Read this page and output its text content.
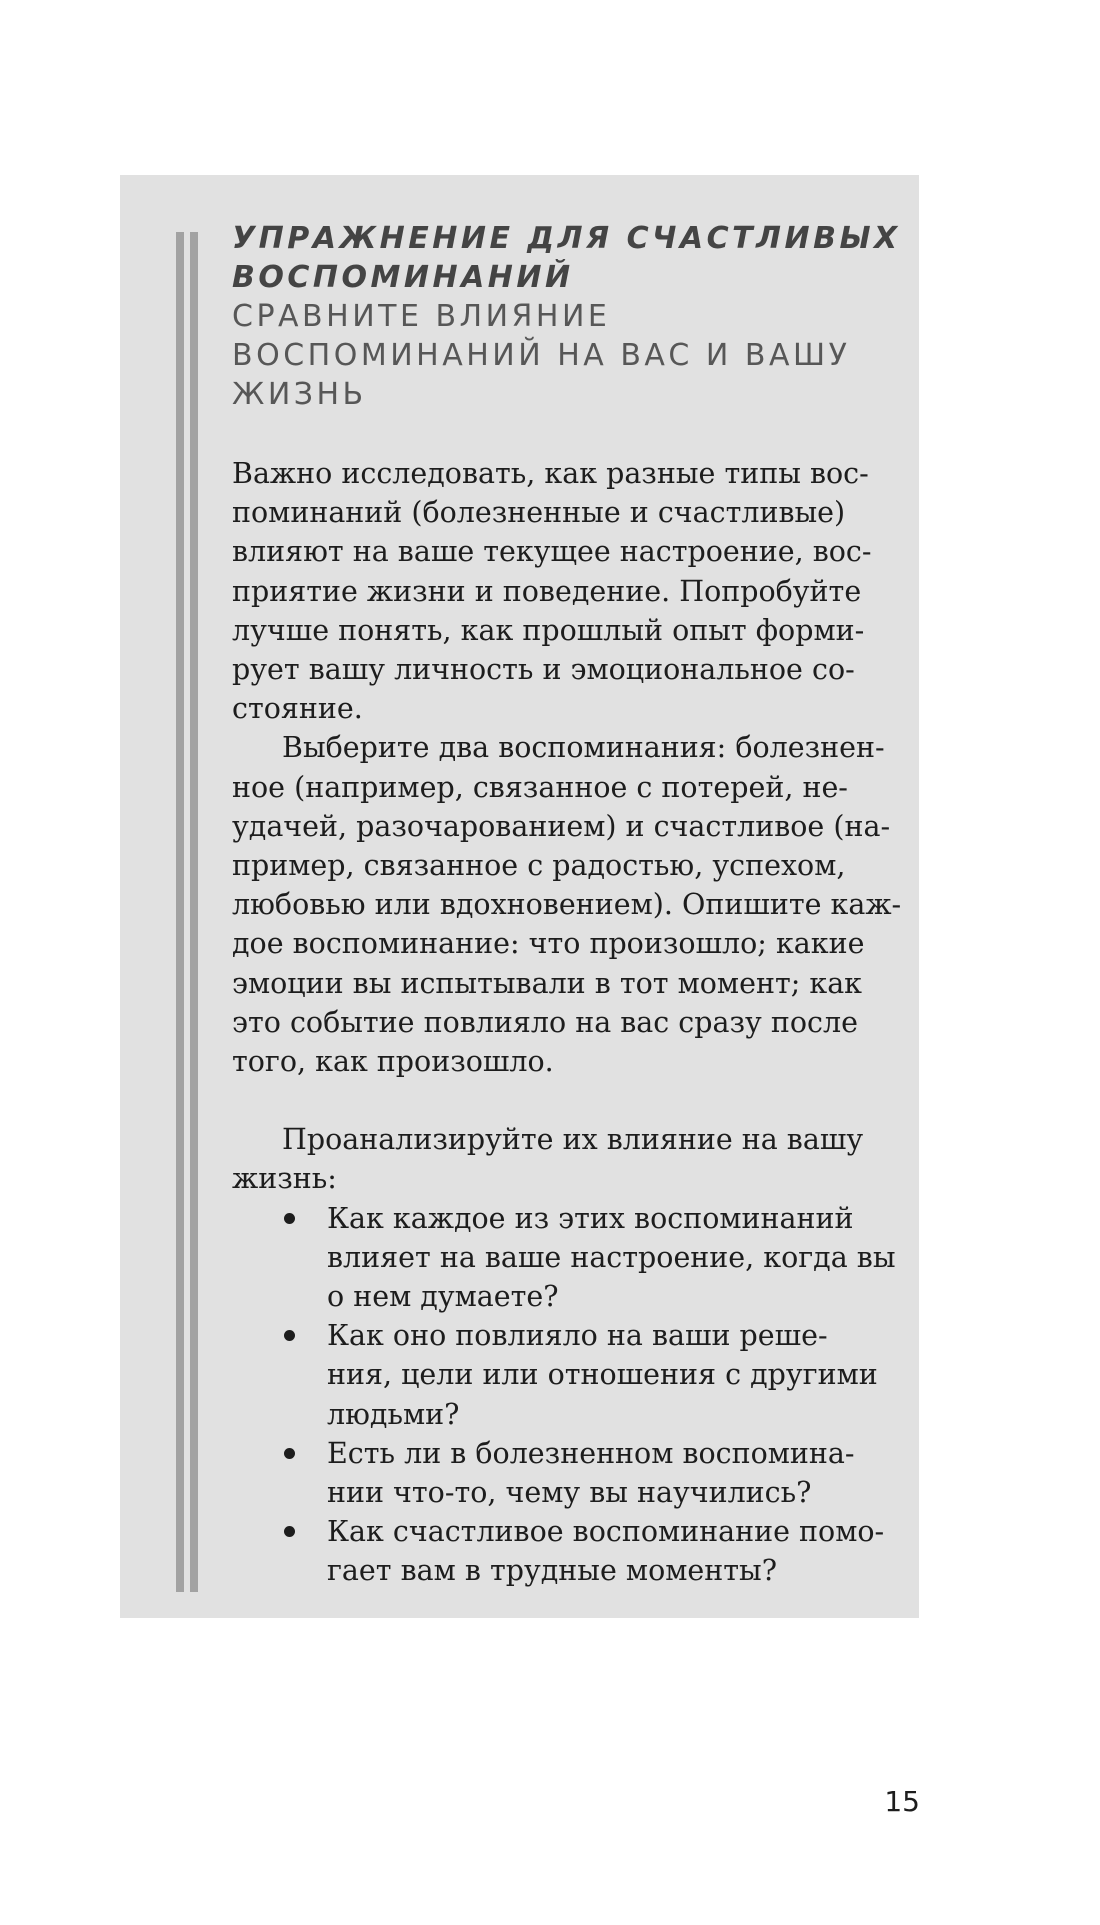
УПРАЖНЕНИЕ ДЛЯ СЧАСТЛИВЫХ
ВОСПОМИНАНИЙ
СРАВНИТЕ ВЛИЯНИЕ
ВОСПОМИНАНИЙ НА ВАС И ВАШУ
ЖИЗНЬ

Важно исследовать, как разные типы вос-
поминаний (болезненные и счастливые)
влияют на ваше текущее настроение, вос-
приятие жизни и поведение. Попробуйте
лучше понять, как прошлый опыт форми-
рует вашу личность и эмоциональное со-
стояние.

Выберите два воспоминания: болезнен-
ное (например, связанное с потерей, не-
удачей, разочарованием) и счастливое (на-
пример, связанное с радостью, успехом,
любовью или вдохновением). Опишите каж-
дое воспоминание: что произошло; какие
эмоции вы испытывали в тот момент; как
это событие повлияло на вас сразу после
того, как произошло.

Проанализируйте их влияние на вашу
жизнь:

Как каждое из этих воспоминаний
влияет на ваше настроение, когда вы
о нем думаете?
Как оно повлияло на ваши реше-
ния, цели или отношения с другими
людьми?
Есть ли в болезненном воспомина-
нии что-то, чему вы научились?
Как счастливое воспоминание помо-
гает вам в трудные моменты?
15
